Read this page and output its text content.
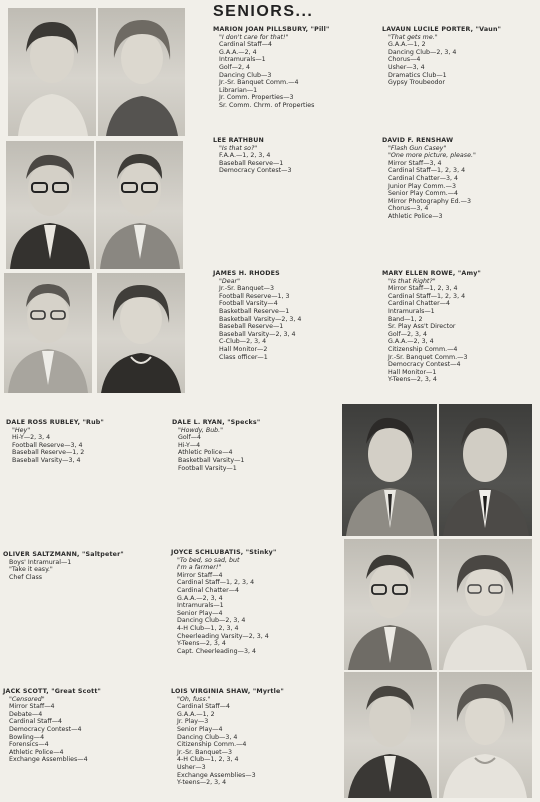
SENIORS...
MARION JOAN PILLSBURY, "Pill"
"I don't care for that!"
Cardinal Staff—4
G.A.A.—2, 4
Intramurals—1
Golf—2, 4
Dancing Club—3
Jr.-Sr. Banquet Comm.—4
Librarian—1
Jr. Comm. Properties—3
Sr. Comm. Chrm. of Properties
LAVAUN LUCILE PORTER, "Vaun"
"That gets me."
G.A.A.—1, 2
Dancing Club—2, 3, 4
Chorus—4
Usher—3, 4
Dramatics Club—1
Gypsy Troubeodor
LEE RATHBUN
"Is that so?"
F.A.A.—1, 2, 3, 4
Baseball Reserve—1
Democracy Contest—3
DAVID F. RENSHAW
"Flash Gun Casey"
"One more picture, please."
Mirror Staff—3, 4
Cardinal Staff—1, 2, 3, 4
Cardinal Chatter—3, 4
Junior Play Comm.—3
Senior Play Comm.—4
Mirror Photography Ed.—3
Chorus—3, 4
Athletic Police—3
JAMES H. RHODES
"Dear"
Jr.-Sr. Banquet—3
Football Reserve—1, 3
Football Varsity—4
Basketball Reserve—1
Basketball Varsity—2, 3, 4
Baseball Reserve—1
Baseball Varsity—2, 3, 4
C-Club—2, 3, 4
Hall Monitor—2
Class officer—1
MARY ELLEN ROWE, "Amy"
"Is that Right?"
Mirror Staff—1, 2, 3, 4
Cardinal Staff—1, 2, 3, 4
Cardinal Chatter—4
Intramurals—1
Band—1, 2
Sr. Play Ass't Director
Golf—2, 3, 4
G.A.A.—2, 3, 4
Citizenship Comm.—4
Jr.-Sr. Banquet Comm.—3
Democracy Contest—4
Hall Monitor—1
Y-Teens—2, 3, 4
DALE ROSS RUBLEY, "Rub"
"Hey"
Hi-Y—2, 3, 4
Football Reserve—3, 4
Baseball Reserve—1, 2
Baseball Varsity—3, 4
DALE L. RYAN, "Specks"
"Howdy, Bub."
Golf—4
Hi-Y—4
Athletic Police—4
Basketball Varsity—1
Football Varsity—1
OLIVER SALTZMANN, "Saltpeter"
Boys' Intramural—1
"Take it easy."
Chef Class
JOYCE SCHLUBATIS, "Stinky"
"To bed, so sad, but
I'm a farmer!"
Mirror Staff—4
Cardinal Staff—1, 2, 3, 4
Cardinal Chatter—4
G.A.A.—2, 3, 4
Intramurals—1
Senior Play—4
Dancing Club—2, 3, 4
4-H Club—1, 2, 3, 4
Cheerleading Varsity—2, 3, 4
Y-Teens—2, 3, 4
Capt. Cheerleading—3, 4
JACK SCOTT, "Great Scott"
"Censored"
Mirror Staff—4
Debate—4
Cardinal Staff—4
Democracy Contest—4
Bowling—4
Forensics—4
Athletic Police—4
Exchange Assemblies—4
LOIS VIRGINIA SHAW, "Myrtle"
"Oh, fuss."
Cardinal Staff—4
G.A.A.—1, 2
Jr. Play—3
Senior Play—4
Dancing Club—3, 4
Citizenship Comm.—4
Jr.-Sr. Banquet—3
4-H Club—1, 2, 3, 4
Usher—3
Exchange Assemblies—3
Y-teens—2, 3, 4
